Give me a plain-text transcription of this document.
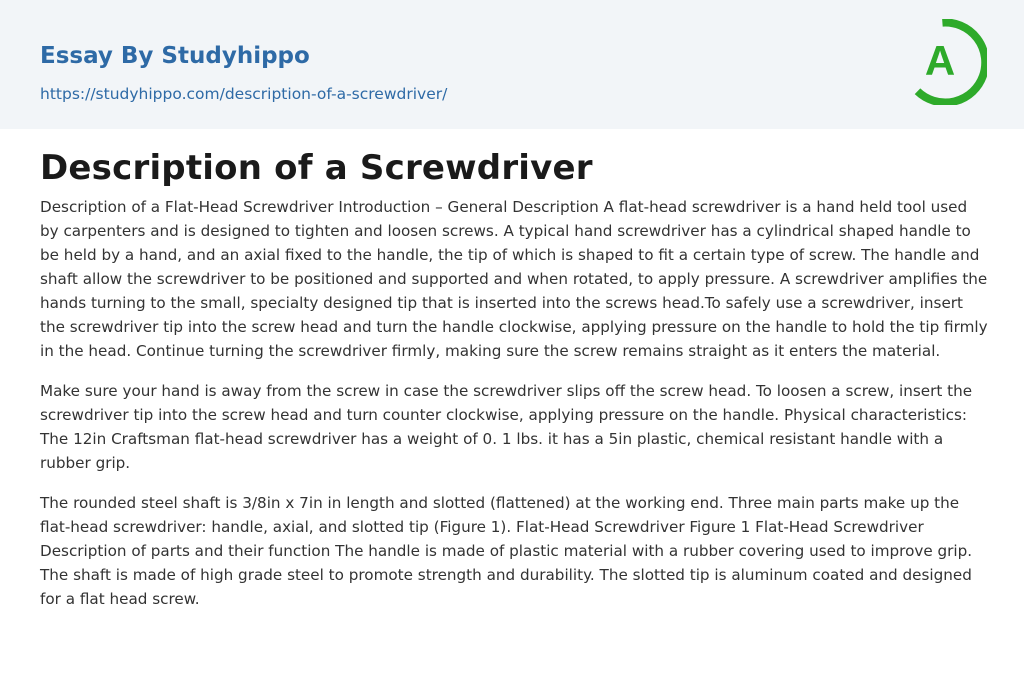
Essay By Studyhippo
https://studyhippo.com/description-of-a-screwdriver/
A
Description of a Screwdriver

Description of a Flat-Head Screwdriver Introduction – General Description A flat-head screwdriver is a hand held tool used by carpenters and is designed to tighten and loosen screws. A typical hand screwdriver has a cylindrical shaped handle to be held by a hand, and an axial fixed to the handle, the tip of which is shaped to fit a certain type of screw. The handle and shaft allow the screwdriver to be positioned and supported and when rotated, to apply pressure. A screwdriver amplifies the hands turning to the small, specialty designed tip that is inserted into the screws head.To safely use a screwdriver, insert the screwdriver tip into the screw head and turn the handle clockwise, applying pressure on the handle to hold the tip firmly in the head. Continue turning the screwdriver firmly, making sure the screw remains straight as it enters the material.

Make sure your hand is away from the screw in case the screwdriver slips off the screw head. To loosen a screw, insert the screwdriver tip into the screw head and turn counter clockwise, applying pressure on the handle. Physical characteristics: The 12in Craftsman flat-head screwdriver has a weight of 0. 1 lbs. it has a 5in plastic, chemical resistant handle with a rubber grip.

The rounded steel shaft is 3/8in x 7in in length and slotted (flattened) at the working end. Three main parts make up the flat-head screwdriver: handle, axial, and slotted tip (Figure 1). Flat-Head Screwdriver Figure 1 Flat-Head Screwdriver Description of parts and their function The handle is made of plastic material with a rubber covering used to improve grip. The shaft is made of high grade steel to promote strength and durability. The slotted tip is aluminum coated and designed for a flat head screw.
